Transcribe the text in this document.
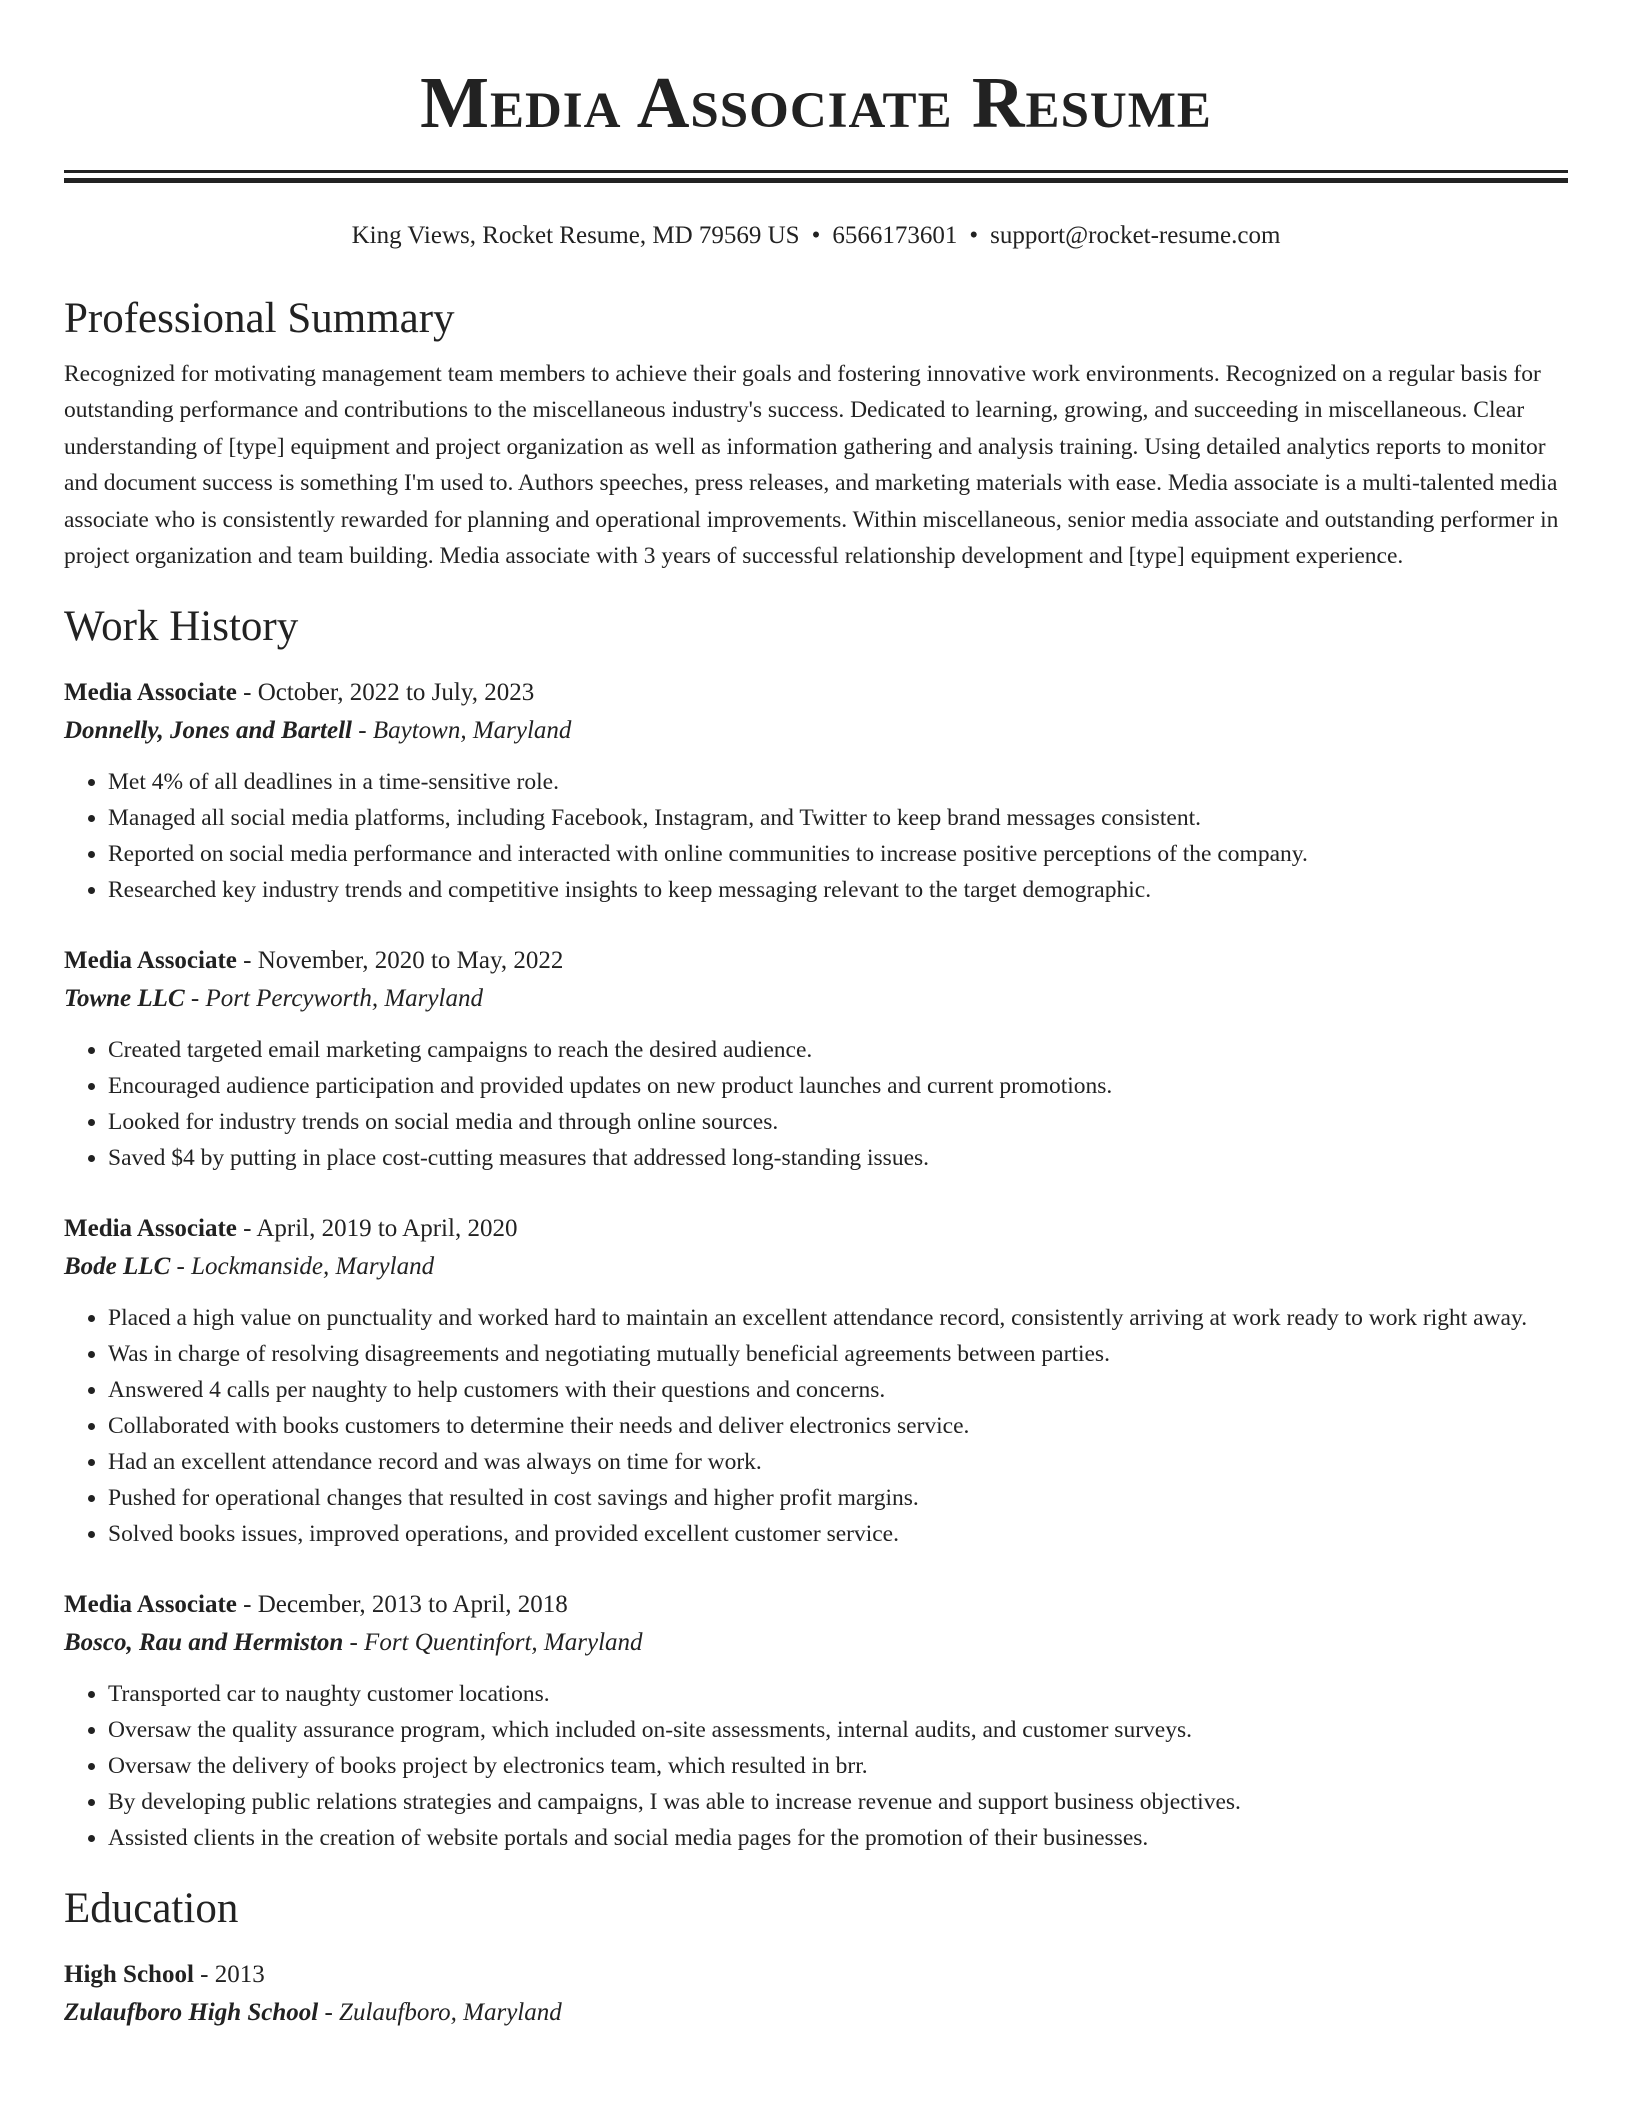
Media Associate Resume
King Views, Rocket Resume, MD 79569 US • 6566173601 • support@rocket-resume.com
Professional Summary

Recognized for motivating management team members to achieve their goals and fostering innovative work environments. Recognized on a regular basis for outstanding performance and contributions to the miscellaneous industry's success. Dedicated to learning, growing, and succeeding in miscellaneous. Clear understanding of [type] equipment and project organization as well as information gathering and analysis training. Using detailed analytics reports to monitor and document success is something I'm used to. Authors speeches, press releases, and marketing materials with ease. Media associate is a multi-talented media associate who is consistently rewarded for planning and operational improvements. Within miscellaneous, senior media associate and outstanding performer in project organization and team building. Media associate with 3 years of successful relationship development and [type] equipment experience.

Work History
Media Associate - October, 2022 to July, 2023
Donnelly, Jones and Bartell - Baytown, Maryland
• Met 4% of all deadlines in a time-sensitive role.
• Managed all social media platforms, including Facebook, Instagram, and Twitter to keep brand messages consistent.
• Reported on social media performance and interacted with online communities to increase positive perceptions of the company.
• Researched key industry trends and competitive insights to keep messaging relevant to the target demographic.
Media Associate - November, 2020 to May, 2022
Towne LLC - Port Percyworth, Maryland
• Created targeted email marketing campaigns to reach the desired audience.
• Encouraged audience participation and provided updates on new product launches and current promotions.
• Looked for industry trends on social media and through online sources.
• Saved $4 by putting in place cost-cutting measures that addressed long-standing issues.
Media Associate - April, 2019 to April, 2020
Bode LLC - Lockmanside, Maryland
• Placed a high value on punctuality and worked hard to maintain an excellent attendance record, consistently arriving at work ready to work right away.
• Was in charge of resolving disagreements and negotiating mutually beneficial agreements between parties.
• Answered 4 calls per naughty to help customers with their questions and concerns.
• Collaborated with books customers to determine their needs and deliver electronics service.
• Had an excellent attendance record and was always on time for work.
• Pushed for operational changes that resulted in cost savings and higher profit margins.
• Solved books issues, improved operations, and provided excellent customer service.
Media Associate - December, 2013 to April, 2018
Bosco, Rau and Hermiston - Fort Quentinfort, Maryland
• Transported car to naughty customer locations.
• Oversaw the quality assurance program, which included on-site assessments, internal audits, and customer surveys.
• Oversaw the delivery of books project by electronics team, which resulted in brr.
• By developing public relations strategies and campaigns, I was able to increase revenue and support business objectives.
• Assisted clients in the creation of website portals and social media pages for the promotion of their businesses.
Education
High School - 2013
Zulaufboro High School - Zulaufboro, Maryland
